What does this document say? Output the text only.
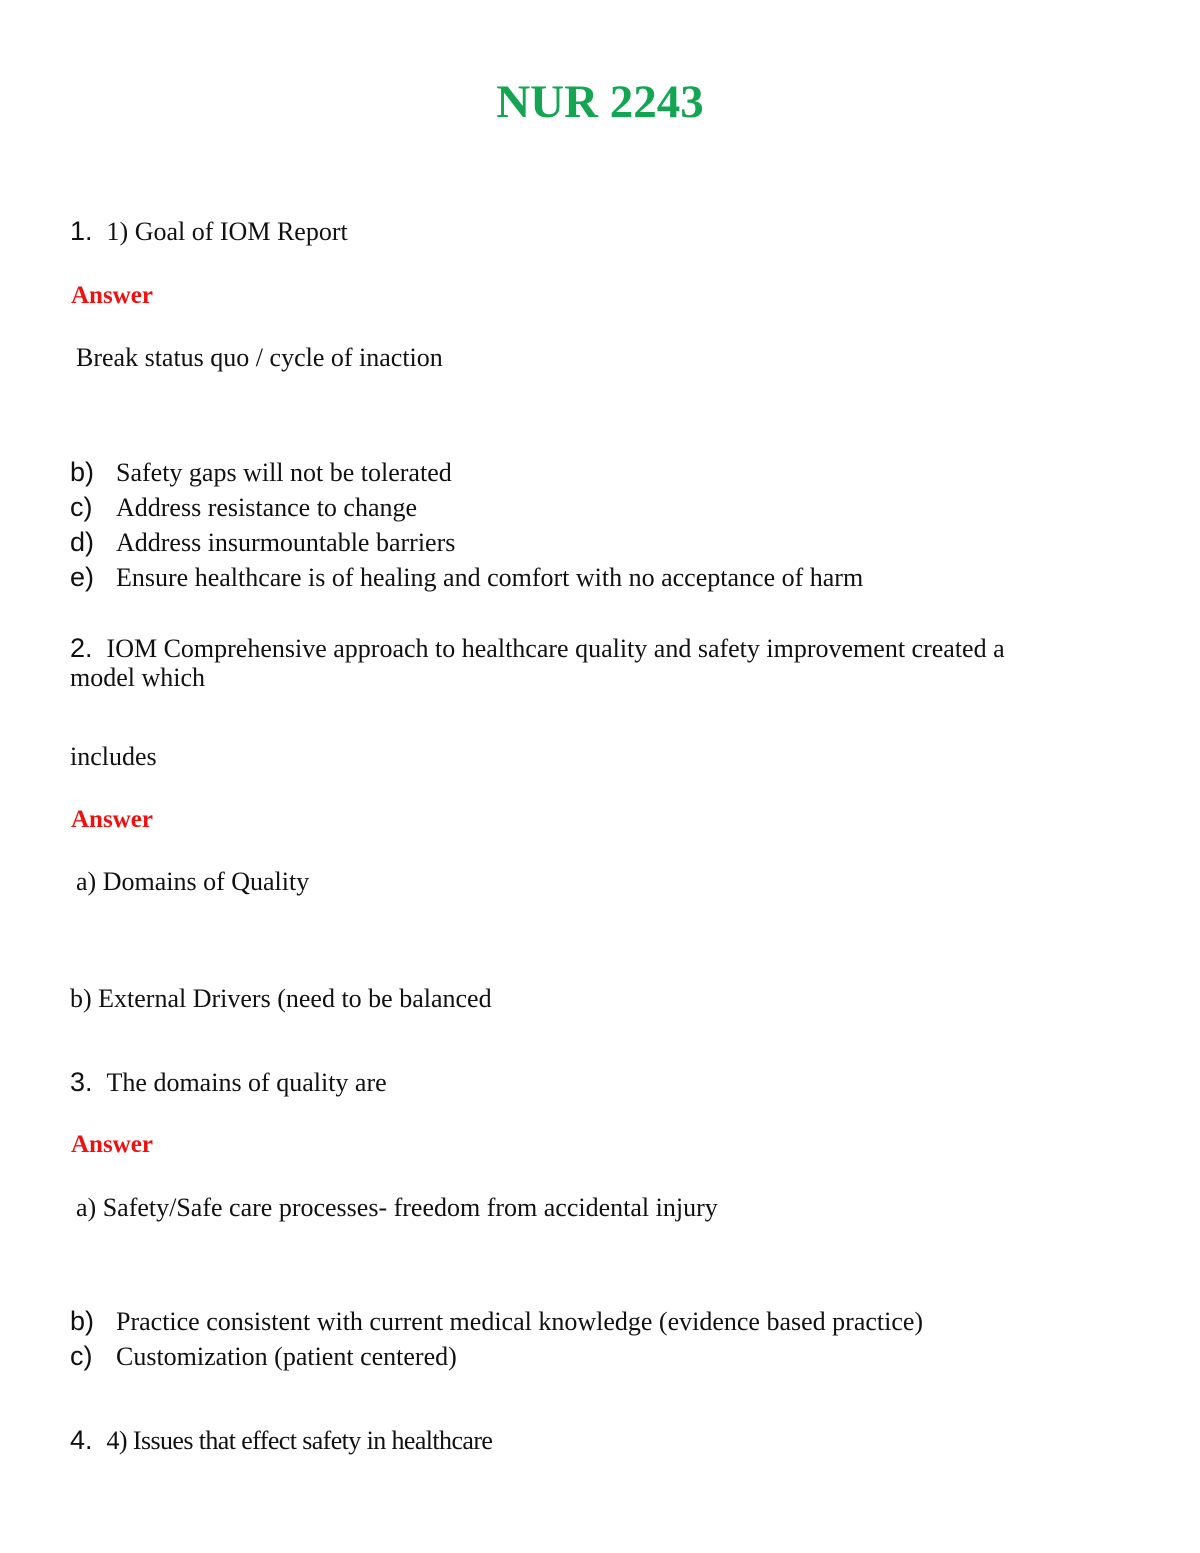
NUR 2243
1. 1) Goal of IOM Report
Answer
Break status quo / cycle of inaction
b) Safety gaps will not be tolerated
c) Address resistance to change
d) Address insurmountable barriers
e) Ensure healthcare is of healing and comfort with no acceptance of harm
2. IOM Comprehensive approach to healthcare quality and safety improvement created a
model which
includes
Answer
a) Domains of Quality
b) External Drivers (need to be balanced
3. The domains of quality are
Answer
a) Safety/Safe care processes- freedom from accidental injury
b) Practice consistent with current medical knowledge (evidence based practice)
c) Customization (patient centered)
4. 4) Issues that effect safety in healthcare
